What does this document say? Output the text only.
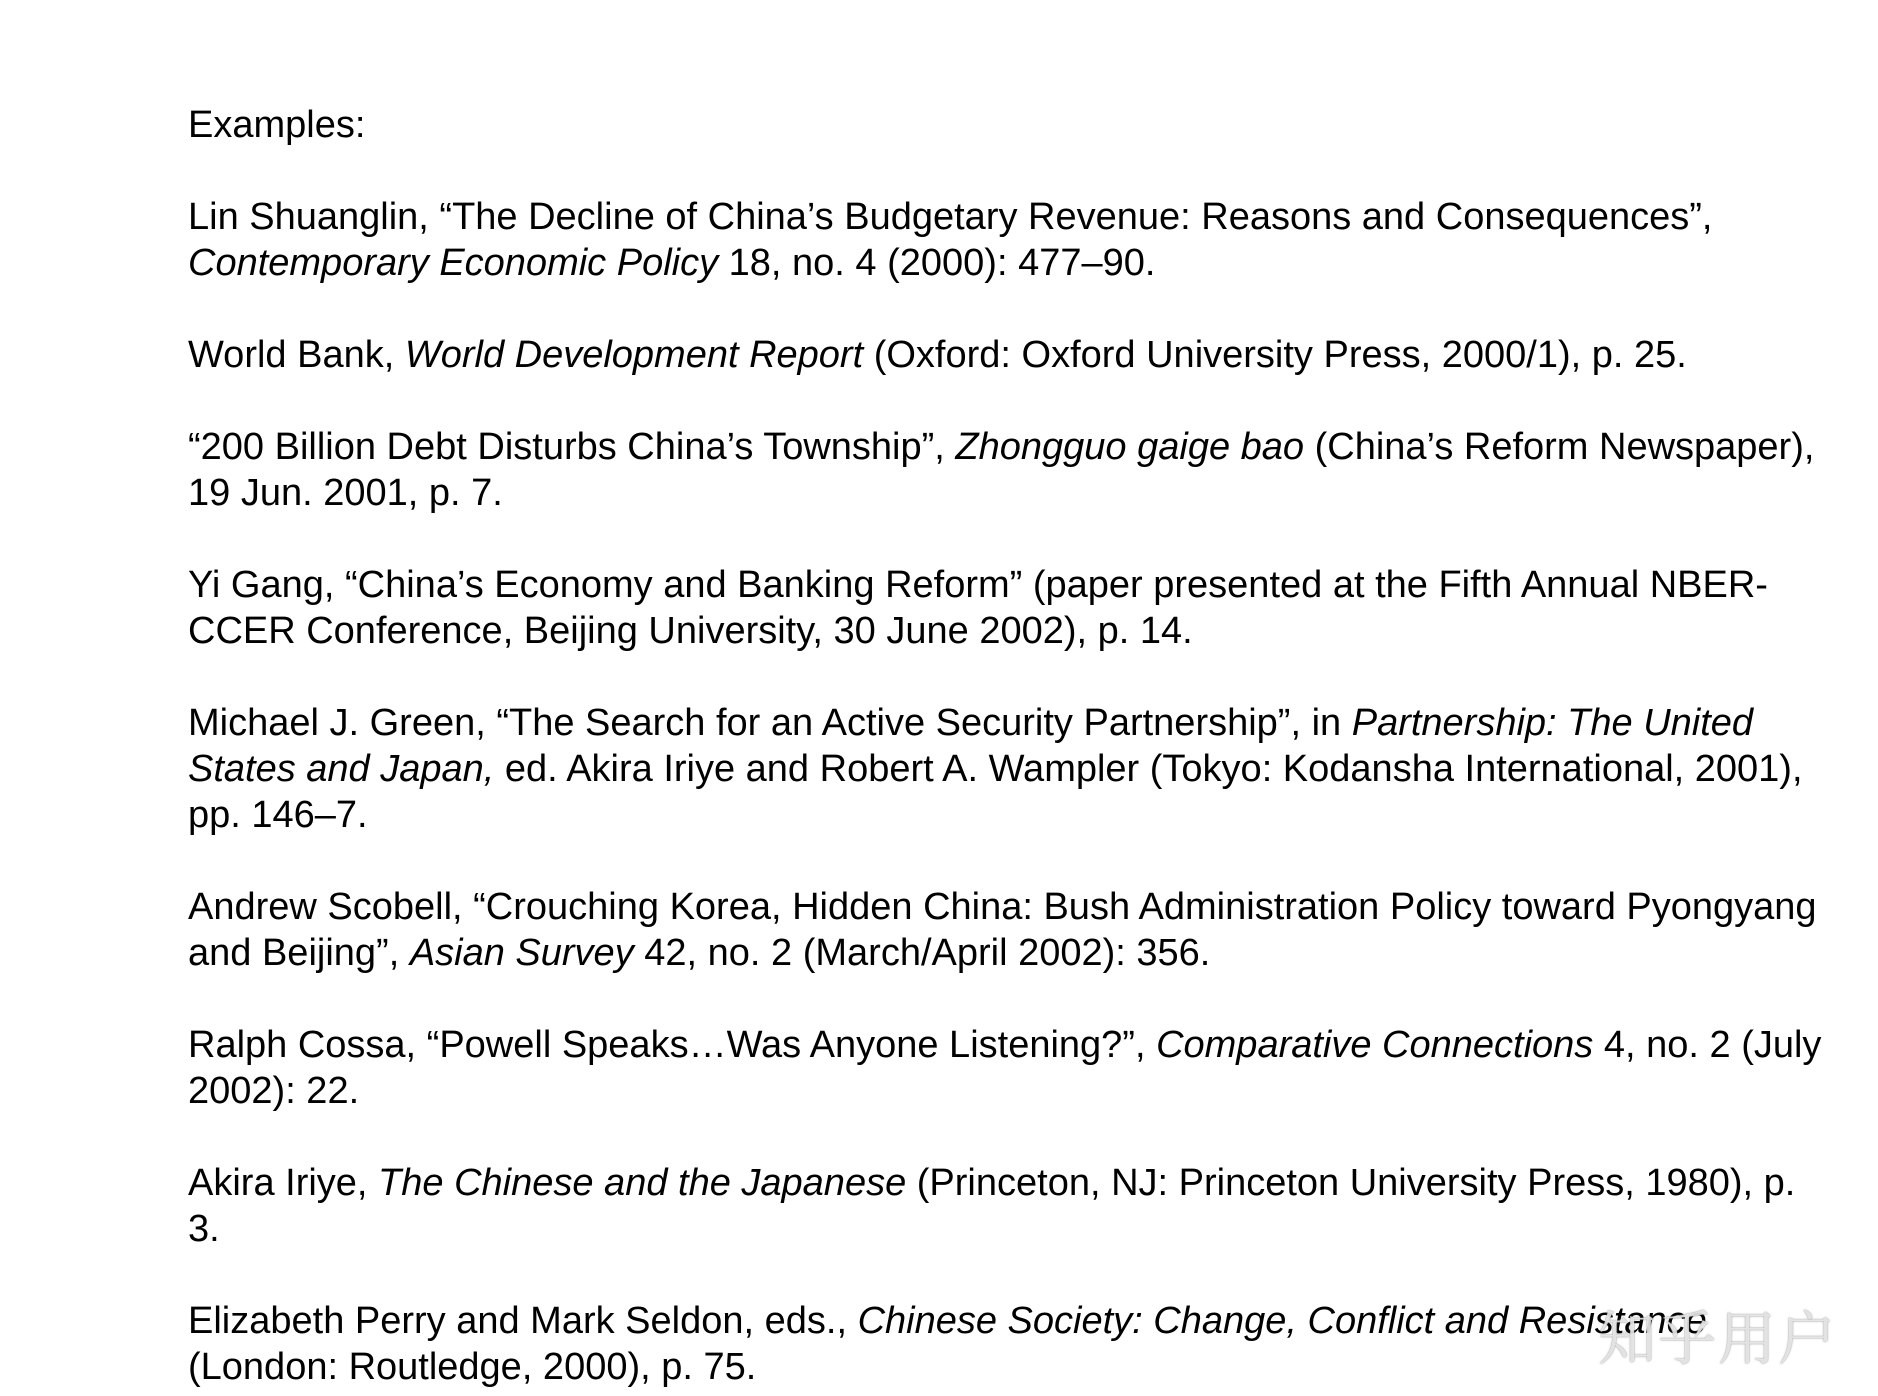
Examples:

Lin Shuanglin, “The Decline of China’s Budgetary Revenue: Reasons and Consequences”, Contemporary Economic Policy 18, no. 4 (2000): 477–90.

World Bank, World Development Report (Oxford: Oxford University Press, 2000/1), p. 25.

“200 Billion Debt Disturbs China’s Township”, Zhongguo gaige bao (China’s Reform Newspaper), 19 Jun. 2001, p. 7.

Yi Gang, “China’s Economy and Banking Reform” (paper presented at the Fifth Annual NBER-CCER Conference, Beijing University, 30 June 2002), p. 14.

Michael J. Green, “The Search for an Active Security Partnership”, in Partnership: The United States and Japan, ed. Akira Iriye and Robert A. Wampler (Tokyo: Kodansha International, 2001), pp. 146–7.

Andrew Scobell, “Crouching Korea, Hidden China: Bush Administration Policy toward Pyongyang and Beijing”, Asian Survey 42, no. 2 (March/April 2002): 356.

Ralph Cossa, “Powell Speaks…Was Anyone Listening?”, Comparative Connections 4, no. 2 (July 2002): 22.

Akira Iriye, The Chinese and the Japanese (Princeton, NJ: Princeton University Press, 1980), p. 3.

Elizabeth Perry and Mark Seldon, eds., Chinese Society: Change, Conflict and Resistance (London: Routledge, 2000), p. 75.	知乎用户
